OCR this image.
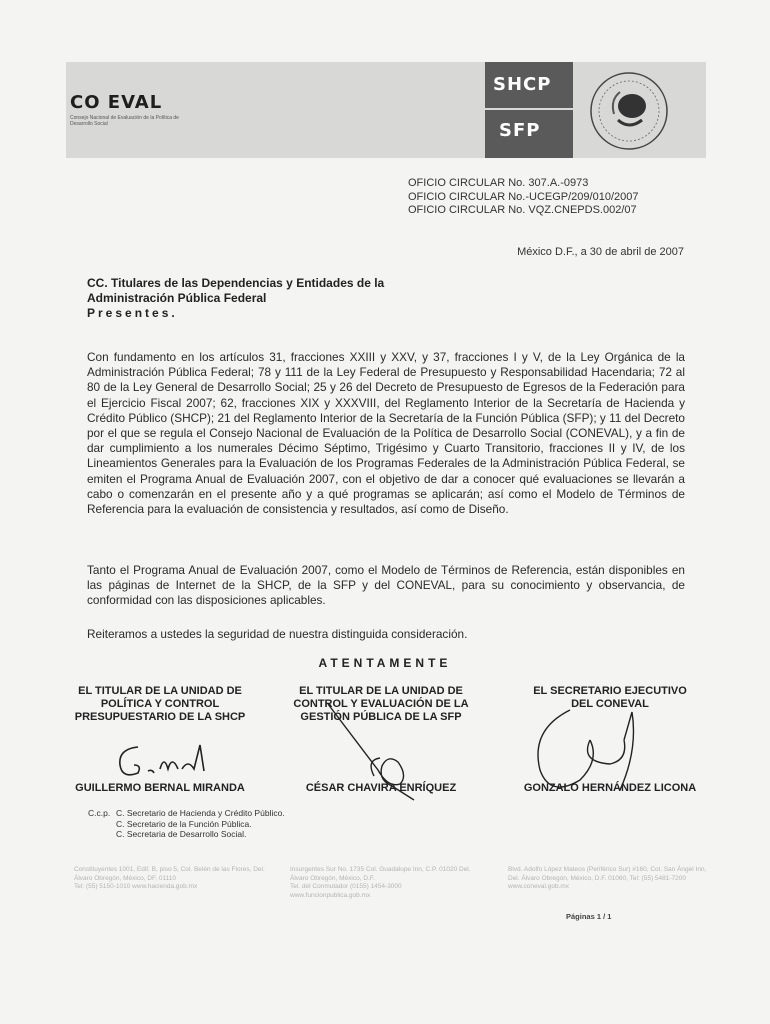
CO EVAL
Consejo Nacional de Evaluación de la Política de Desarrollo Social
SHCP
SFP
OFICIO CIRCULAR No. 307.A.-0973
OFICIO CIRCULAR No.-UCEGP/209/010/2007
OFICIO CIRCULAR No. VQZ.CNEPDS.002/07
México D.F., a 30 de abril de 2007
CC. Titulares de las Dependencias y Entidades de la
Administración Pública Federal
Presentes.

Con fundamento en los artículos 31, fracciones XXIII y XXV, y 37, fracciones I y V, de la Ley Orgánica de la Administración Pública Federal; 78 y 111 de la Ley Federal de Presupuesto y Responsabilidad Hacendaria; 72 al 80 de la Ley General de Desarrollo Social; 25 y 26 del Decreto de Presupuesto de Egresos de la Federación para el Ejercicio Fiscal 2007; 62, fracciones XIX y XXXVIII, del Reglamento Interior de la Secretaría de Hacienda y Crédito Público (SHCP); 21 del Reglamento Interior de la Secretaría de la Función Pública (SFP); y 11 del Decreto por el que se regula el Consejo Nacional de Evaluación de la Política de Desarrollo Social (CONEVAL), y a fin de dar cumplimiento a los numerales Décimo Séptimo, Trigésimo y Cuarto Transitorio, fracciones II y IV, de los Lineamientos Generales para la Evaluación de los Programas Federales de la Administración Pública Federal, se emiten el Programa Anual de Evaluación 2007, con el objetivo de dar a conocer qué evaluaciones se llevarán a cabo o comenzarán en el presente año y a qué programas se aplicarán; así como el Modelo de Términos de Referencia para la evaluación de consistencia y resultados, así como de Diseño.

Tanto el Programa Anual de Evaluación 2007, como el Modelo de Términos de Referencia, están disponibles en las páginas de Internet de la SHCP, de la SFP y del CONEVAL, para su conocimiento y observancia, de conformidad con las disposiciones aplicables.

Reiteramos a ustedes la seguridad de nuestra distinguida consideración.

ATENTAMENTE
EL TITULAR DE LA UNIDAD DE
POLÍTICA Y CONTROL
PRESUPUESTARIO DE LA SHCP
EL TITULAR DE LA UNIDAD DE
CONTROL Y EVALUACIÓN DE LA
GESTIÓN PÚBLICA DE LA SFP
EL SECRETARIO EJECUTIVO
DEL CONEVAL
GUILLERMO BERNAL MIRANDA	CÉSAR CHAVIRA ENRÍQUEZ	GONZALO HERNÁNDEZ LICONA
C.c.p. C. Secretario de Hacienda y Crédito Público.
C. Secretario de la Función Pública.
C. Secretaria de Desarrollo Social.
Constituyentes 1001, Edif. B, piso 5, Col. Belén de las Flores, Del. Álvaro Obregón, México, DF, 01110
Tel: (55) 5150-1010 www.hacienda.gob.mx
Insurgentes Sur No. 1735 Col. Guadalupe Inn, C.P. 01020 Del. Álvaro Obregón, México, D.F.
Tel. del Conmutador (0155) 1454-3000
www.funcionpublica.gob.mx
Blvd. Adolfo López Mateos (Periférico Sur) #160, Col. San Ángel Inn, Del. Álvaro Obregón, México, D.F. 01060, Tel: (55) 5481-7200
www.coneval.gob.mx
Páginas 1 / 1
